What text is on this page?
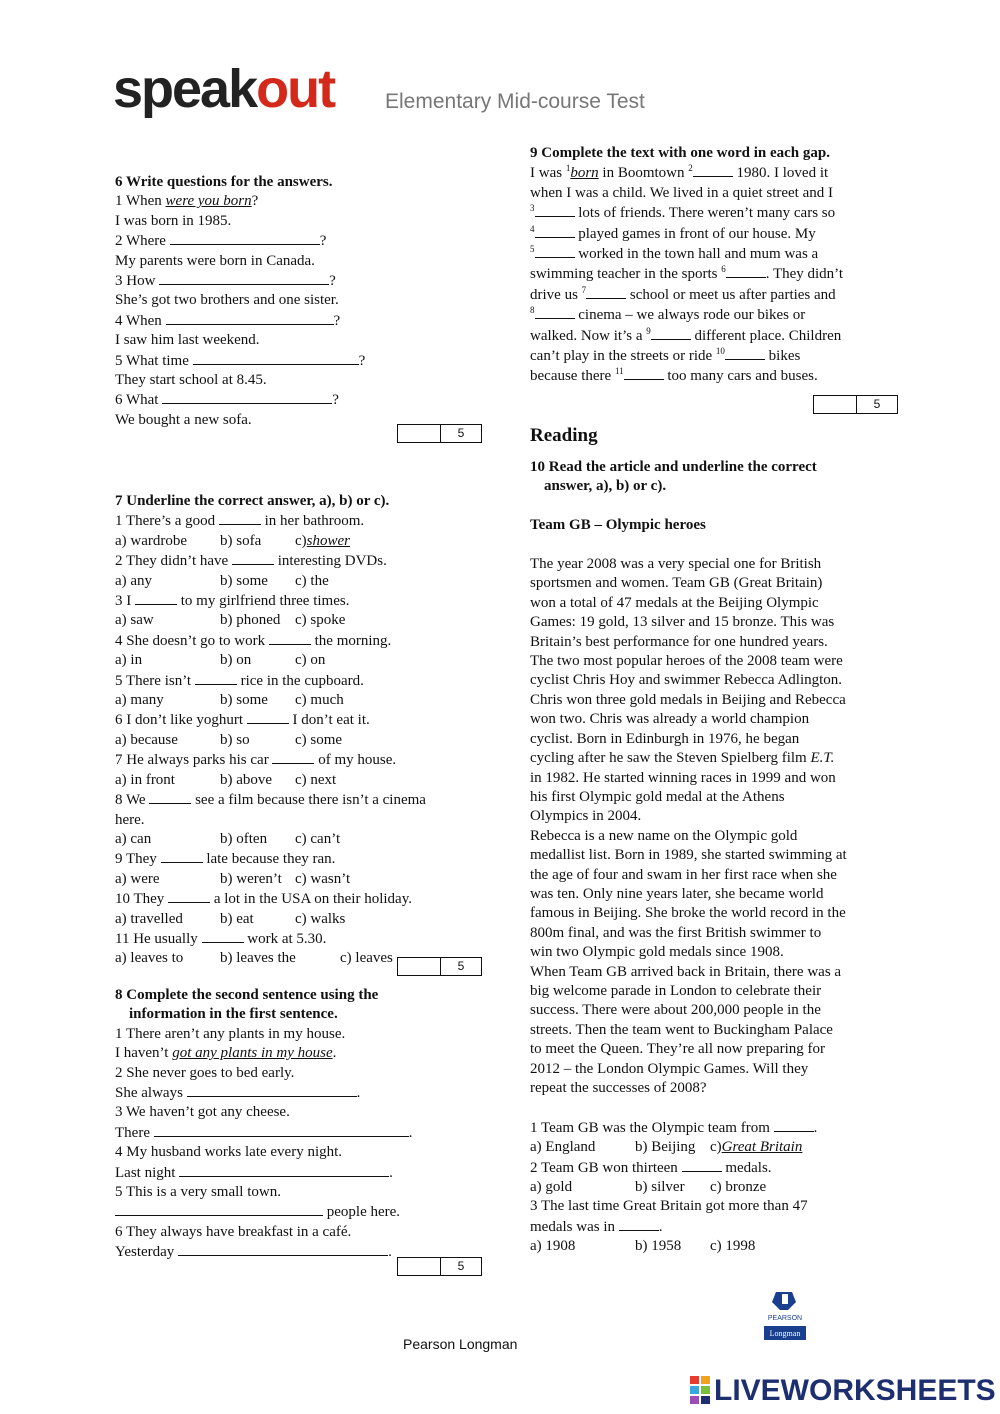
speakout Elementary Mid-course Test

6 Write questions for the answers.

1 When were you born?

I was born in 1985.

2 Where	?

My parents were born in Canada.

3 How	?

She’s got two brothers and one sister.

4 When	?

I saw him last weekend.

5 What time	?

They start school at 8.45.

6 What	?

We bought a new sofa.

5

7 Underline the correct answer, a), b) or c).

1 There’s a good	in her bathroom.

a) wardrobe	b) sofa	c) shower

2 They didn’t have	interesting DVDs.

a) any	b) some	c) the

3 I	to my girlfriend three times.

a) saw	b) phoned c) spoke

4 She doesn’t go to work	the morning.

a) in	b) on	c) on

5 There isn’t	rice in the cupboard.

a) many	b) some	c) much

6 I don’t like yoghurt	I don’t eat it.

a) because	b) so	c) some

7 He always parks his car	of my house.

a) in front	b) above	c) next

8 We	see a film because there isn’t a cinema

here.

a) can	b) often	c) can’t

9 They	late because they ran.

a) were	b) weren’t c) wasn’t

10 They	a lot in the USA on their holiday.

a) travelled	b) eat	c) walks

11 He usually	work at 5.30.

a) leaves to	b) leaves the	c) leaves	5

8 Complete the second sentence using the

information in the first sentence.

1 There aren’t any plants in my house.

I haven’t got any plants in my house.

2 She never goes to bed early.

She always	.

3 We haven’t got any cheese.

There	.

4 My husband works late every night.

Last night	.

5 This is a very small town.

people here.

6 They always have breakfast in a café.

Yesterday	.

5

9 Complete the text with one word in each gap.

I was $^1$born in Boomtown $^2$	1980. I loved it

when I was a child. We lived in a quiet street and I

$^3$	lots of friends. There weren’t many cars so

$^4$	played games in front of our house. My

$^5$	worked in the town hall and mum was a

swimming teacher in the sports $^6$	. They didn’t

drive us $^7$	school or meet us after parties and

$^8$	cinema – we always rode our bikes or

walked. Now it’s a $^9$	different place. Children

can’t play in the streets or ride $^{10}$	bikes

because there $^{11}$	too many cars and buses.

5
Reading

10 Read the article and underline the correct

answer, a), b) or c).

Team GB – Olympic heroes

The year 2008 was a very special one for British

sportsmen and women. Team GB (Great Britain)

won a total of 47 medals at the Beijing Olympic

Games: 19 gold, 13 silver and 15 bronze. This was

Britain’s best performance for one hundred years.

The two most popular heroes of the 2008 team were

cyclist Chris Hoy and swimmer Rebecca Adlington.

Chris won three gold medals in Beijing and Rebecca

won two. Chris was already a world champion

cyclist. Born in Edinburgh in 1976, he began

cycling after he saw the Steven Spielberg film E.T.

in 1982. He started winning races in 1999 and won

his first Olympic gold medal at the Athens

Olympics in 2004.

Rebecca is a new name on the Olympic gold

medallist list. Born in 1989, she started swimming at

the age of four and swam in her first race when she

was ten. Only nine years later, she became world

famous in Beijing. She broke the world record in the

800m final, and was the first British swimmer to

win two Olympic gold medals since 1908.

When Team GB arrived back in Britain, there was a

big welcome parade in London to celebrate their

success. There were about 200,000 people in the

streets. Then the team went to Buckingham Palace

to meet the Queen. They’re all now preparing for

2012 – the London Olympic Games. Will they

repeat the successes of 2008?

1 Team GB was the Olympic team from	.

a) England	b) Beijing c) Great Britain

2 Team GB won thirteen	medals.

a) gold	b) silver	c) bronze

3 The last time Great Britain got more than 47

medals was in	.

a) 1908	b) 1958	c) 1998
PEARSON
Longman
Pearson Longman
LIVEWORKSHEETS
